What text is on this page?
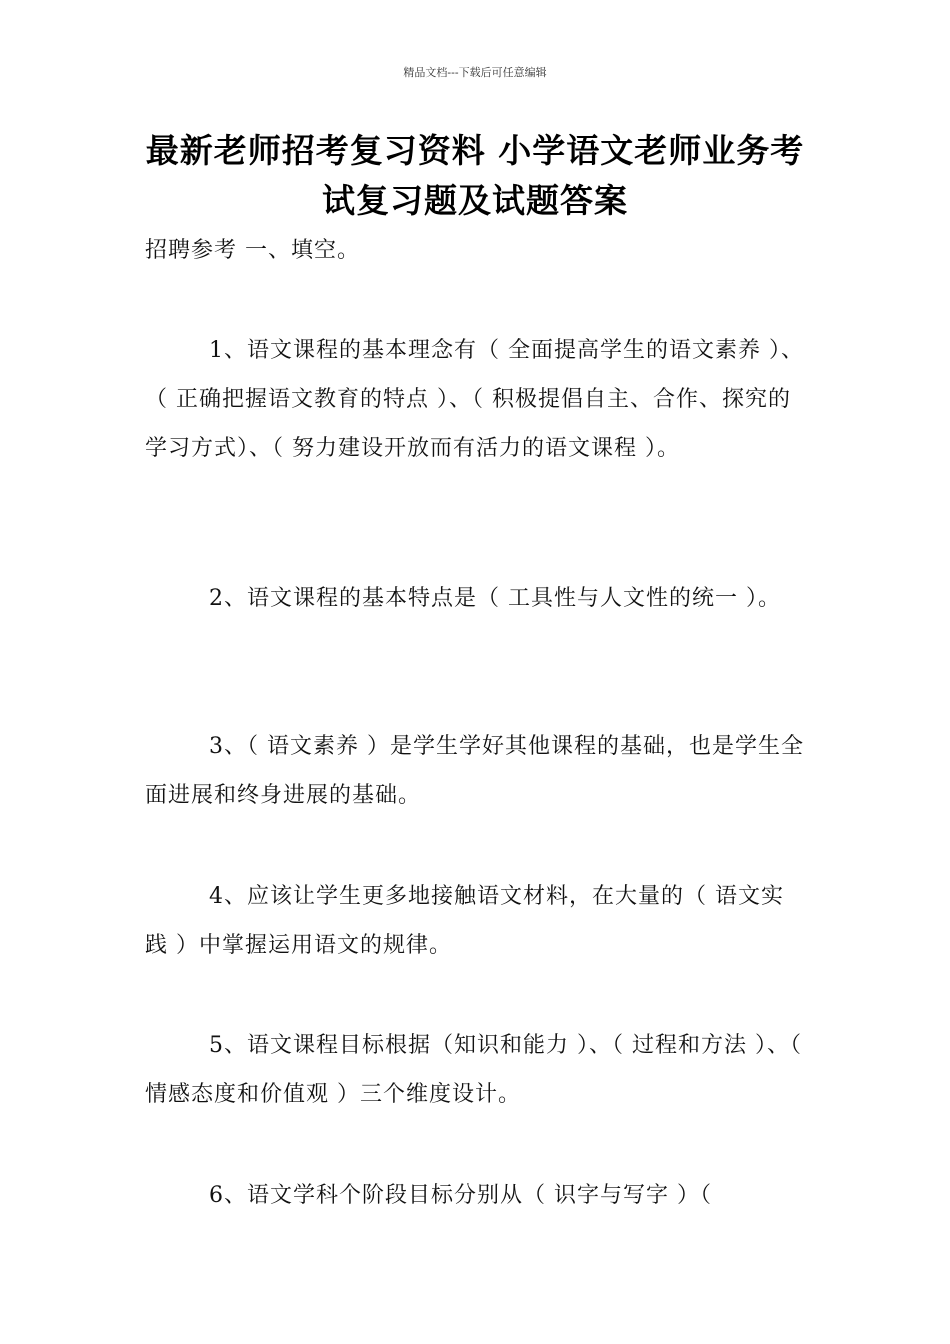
精品文档---下载后可任意编辑
最新老师招考复习资料 小学语文老师业务考试复习题及试题答案
招聘参考 一、填空。
1、语文课程的基本理念有（ 全面提高学生的语文素养 ）、（ 正确把握语文教育的特点 ）、（ 积极提倡自主、合作、探究的学习方式）、（ 努力建设开放而有活力的语文课程 ）。
2、语文课程的基本特点是（ 工具性与人文性的统一 ）。
3、（ 语文素养 ）是学生学好其他课程的基础，也是学生全面进展和终身进展的基础。
4、应该让学生更多地接触语文材料，在大量的（ 语文实践 ）中掌握运用语文的规律。
5、语文课程目标根据（知识和能力 ）、（ 过程和方法 ）、（ 情感态度和价值观 ）三个维度设计。
6、语文学科个阶段目标分别从（ 识字与写字 ）（
